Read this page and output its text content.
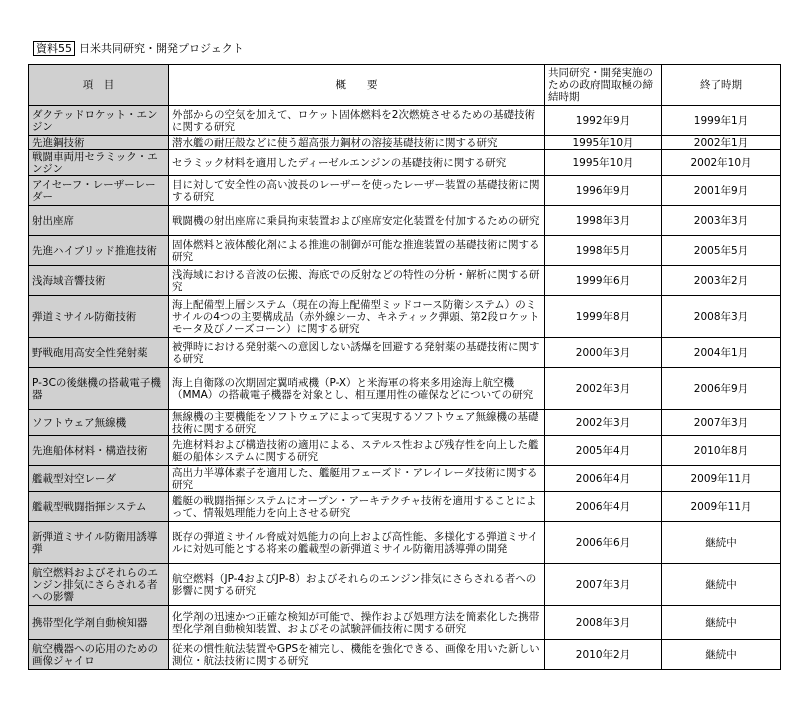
資料55 日米共同研究・開発プロジェクト
項　目	概　　要	共同研究・開発実施のための政府間取極の締結時期	終了時期

ダクテッドロケット・エンジン	外部からの空気を加えて、ロケット固体燃料を2次燃焼させるための基礎技術に関する研究	1992年9月	1999年1月

先進鋼技術	潜水艦の耐圧殻などに使う超高張力鋼材の溶接基礎技術に関する研究	1995年10月	2002年1月

戦闘車両用セラミック・エンジン	セラミック材料を適用したディーゼルエンジンの基礎技術に関する研究	1995年10月	2002年10月

アイセーフ・レーザーレーダー	目に対して安全性の高い波長のレーザーを使ったレーザー装置の基礎技術に関する研究	1996年9月	2001年9月

射出座席	戦闘機の射出座席に乗員拘束装置および座席安定化装置を付加するための研究	1998年3月	2003年3月

先進ハイブリッド推進技術	固体燃料と液体酸化剤による推進の制御が可能な推進装置の基礎技術に関する研究	1998年5月	2005年5月

浅海域音響技術	浅海域における音波の伝搬、海底での反射などの特性の分析・解析に関する研究	1999年6月	2003年2月

弾道ミサイル防衛技術	海上配備型上層システム（現在の海上配備型ミッドコース防衛システム）のミサイルの4つの主要構成品（赤外線シーカ、キネティック弾頭、第2段ロケットモータ及びノーズコーン）に関する研究	1999年8月	2008年3月

野戦砲用高安全性発射薬	被弾時における発射薬への意図しない誘爆を回避する発射薬の基礎技術に関する研究	2000年3月	2004年1月

P-3Cの後継機の搭載電子機器	海上自衛隊の次期固定翼哨戒機（P-X）と米海軍の将来多用途海上航空機（MMA）の搭載電子機器を対象とし、相互運用性の確保などについての研究	2002年3月	2006年9月

ソフトウェア無線機	無線機の主要機能をソフトウェアによって実現するソフトウェア無線機の基礎技術に関する研究	2002年3月	2007年3月

先進船体材料・構造技術	先進材料および構造技術の適用による、ステルス性および残存性を向上した艦艇の船体システムに関する研究	2005年4月	2010年8月

艦載型対空レーダ	高出力半導体素子を適用した、艦艇用フェーズド・アレイレーダ技術に関する研究	2006年4月	2009年11月

艦載型戦闘指揮システム	艦艇の戦闘指揮システムにオープン・アーキテクチャ技術を適用することによって、情報処理能力を向上させる研究	2006年4月	2009年11月

新弾道ミサイル防衛用誘導弾	既存の弾道ミサイル脅威対処能力の向上および高性能、多様化する弾道ミサイルに対処可能とする将来の艦載型の新弾道ミサイル防衛用誘導弾の開発	2006年6月	継続中

航空燃料およびそれらのエンジン排気にさらされる者への影響	航空燃料（JP-4およびJP-8）およびそれらのエンジン排気にさらされる者への影響に関する研究	2007年3月	継続中

携帯型化学剤自動検知器	化学剤の迅速かつ正確な検知が可能で、操作および処理方法を簡素化した携帯型化学剤自動検知装置、およびその試験評価技術に関する研究	2008年3月	継続中

航空機器への応用のための画像ジャイロ	従来の慣性航法装置やGPSを補完し、機能を強化できる、画像を用いた新しい測位・航法技術に関する研究	2010年2月	継続中
